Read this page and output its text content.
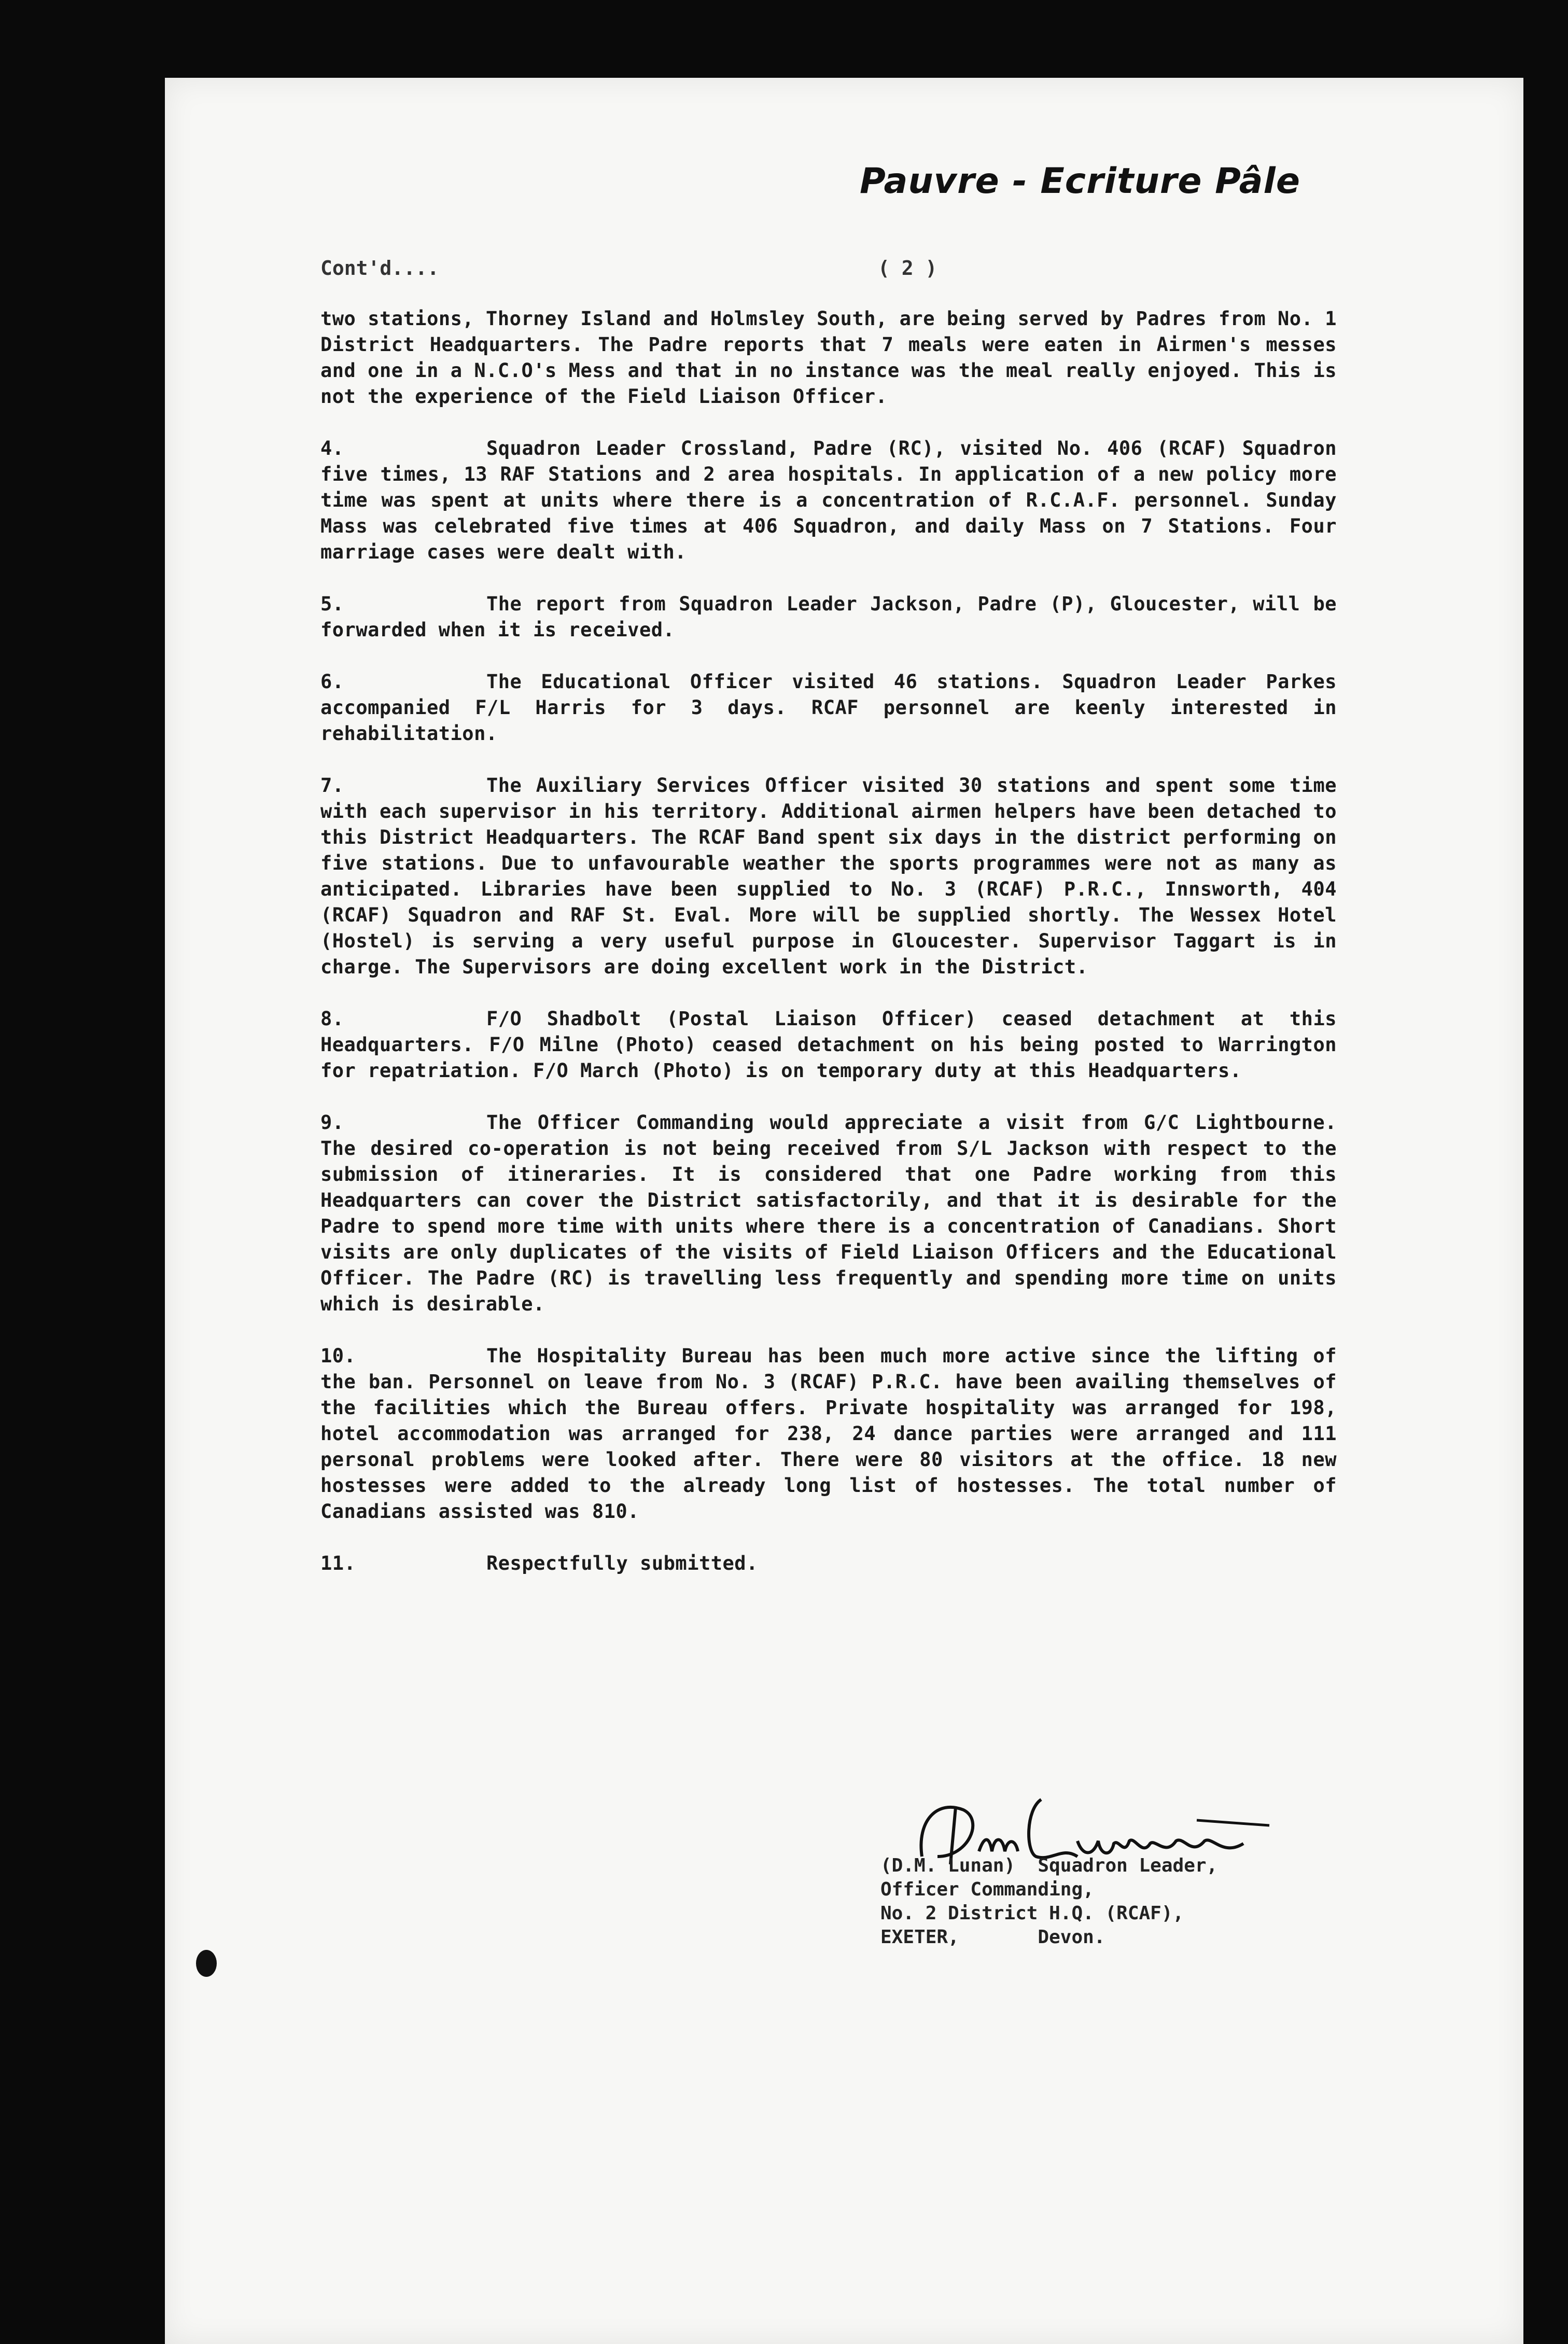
Pauvre - Ecriture Pâle
Cont'd....	( 2 )

two stations, Thorney Island and Holmsley South, are being served by Padres from No. 1 District Headquarters. The Padre reports that 7 meals were eaten in Airmen's messes and one in a N.C.O's Mess and that in no instance was the meal really enjoyed. This is not the experience of the Field Liaison Officer.

4.	Squadron Leader Crossland, Padre (RC), visited No. 406 (RCAF) Squadron five times, 13 RAF Stations and 2 area hospitals. In application of a new policy more time was spent at units where there is a concentration of R.C.A.F. personnel. Sunday Mass was celebrated five times at 406 Squadron, and daily Mass on 7 Stations. Four marriage cases were dealt with.

5.	The report from Squadron Leader Jackson, Padre (P), Gloucester, will be forwarded when it is received.

6.	The Educational Officer visited 46 stations. Squadron Leader Parkes accompanied F/L Harris for 3 days. RCAF personnel are keenly interested in rehabilitation.

7.	The Auxiliary Services Officer visited 30 stations and spent some time with each supervisor in his territory. Additional airmen helpers have been detached to this District Headquarters. The RCAF Band spent six days in the district performing on five stations. Due to unfavourable weather the sports programmes were not as many as anticipated. Libraries have been supplied to No. 3 (RCAF) P.R.C., Innsworth, 404 (RCAF) Squadron and RAF St. Eval. More will be supplied shortly. The Wessex Hotel (Hostel) is serving a very useful purpose in Gloucester. Supervisor Taggart is in charge. The Supervisors are doing excellent work in the District.

8.	F/O Shadbolt (Postal Liaison Officer) ceased detachment at this Headquarters. F/O Milne (Photo) ceased detachment on his being posted to Warrington for repatriation. F/O March (Photo) is on temporary duty at this Headquarters.

9.	The Officer Commanding would appreciate a visit from G/C Lightbourne. The desired co-operation is not being received from S/L Jackson with respect to the submission of itineraries. It is considered that one Padre working from this Headquarters can cover the District satisfactorily, and that it is desirable for the Padre to spend more time with units where there is a concentration of Canadians. Short visits are only duplicates of the visits of Field Liaison Officers and the Educational Officer. The Padre (RC) is travelling less frequently and spending more time on units which is desirable.

10.	The Hospitality Bureau has been much more active since the lifting of the ban. Personnel on leave from No. 3 (RCAF) P.R.C. have been availing themselves of the facilities which the Bureau offers. Private hospitality was arranged for 198, hotel accommodation was arranged for 238, 24 dance parties were arranged and 111 personal problems were looked after. There were 80 visitors at the office. 18 new hostesses were added to the already long list of hostesses. The total number of Canadians assisted was 810.

11.	Respectfully submitted.

(D.M. Lunan)  Squadron Leader,
Officer Commanding,
No. 2 District H.Q. (RCAF),
EXETER,       Devon.
